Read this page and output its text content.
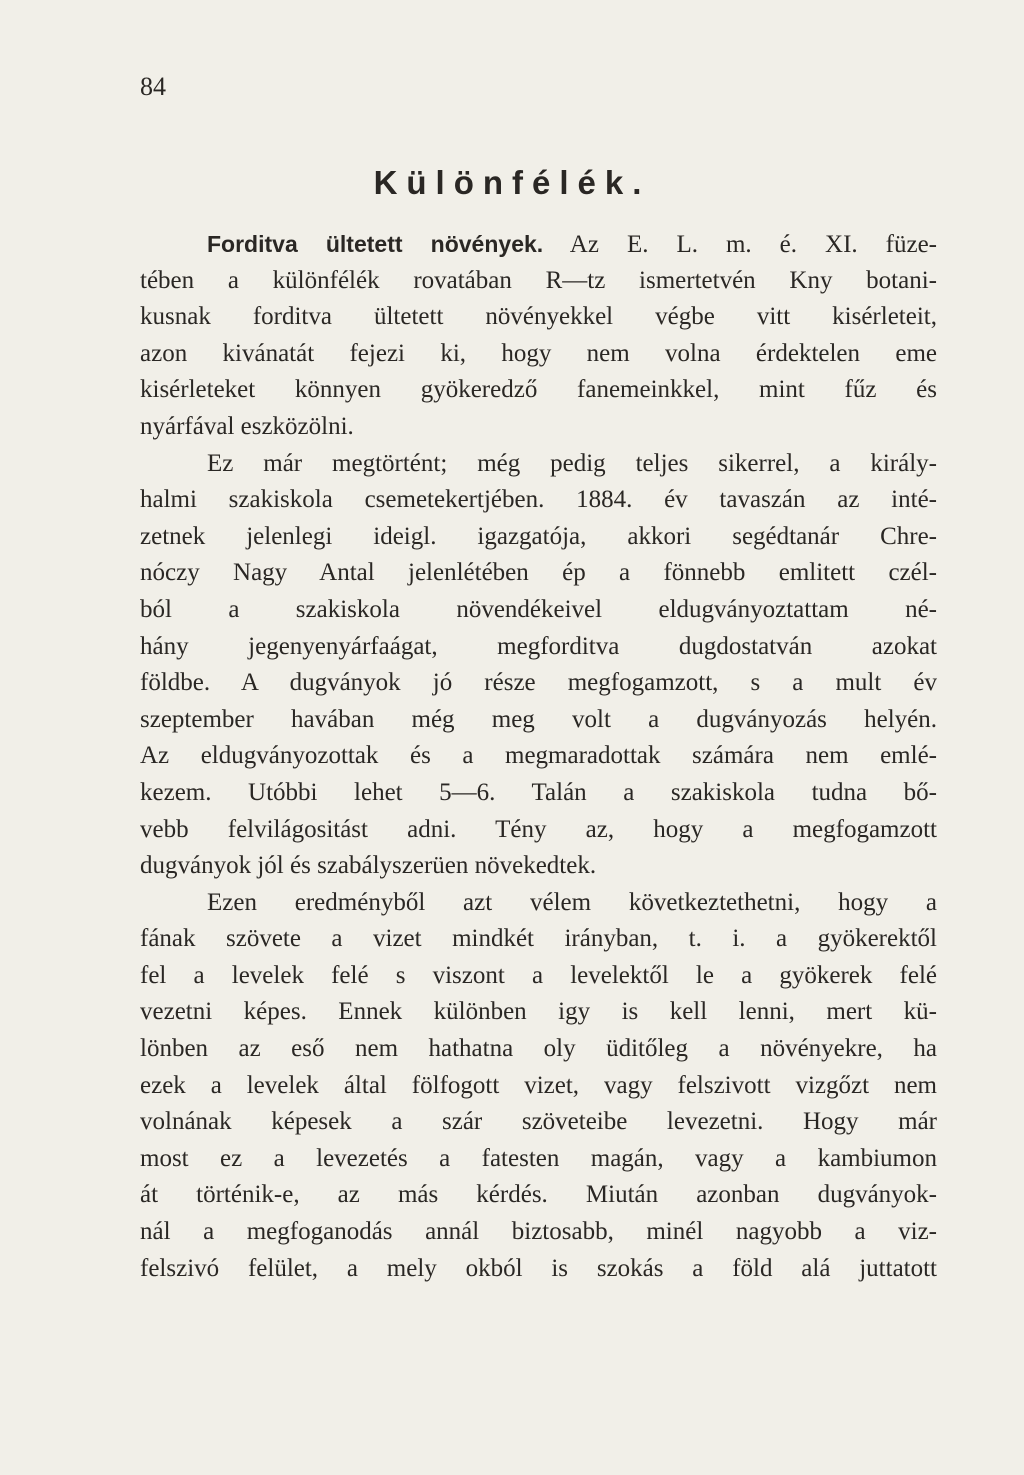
84
Különfélék.

Forditva ültetett növények. Az E. L. m. é. XI. füze-
tében a különfélék rovatában R—tz ismertetvén Kny botani-
kusnak forditva ültetett növényekkel végbe vitt kisérleteit,
azon kivánatát fejezi ki, hogy nem volna érdektelen eme
kisérleteket könnyen gyökeredző fanemeinkkel, mint fűz és
nyárfával eszközölni.

Ez már megtörtént; még pedig teljes sikerrel, a király-
halmi szakiskola csemetekertjében. 1884. év tavaszán az inté-
zetnek jelenlegi ideigl. igazgatója, akkori segédtanár Chre-
nóczy Nagy Antal jelenlétében ép a fönnebb emlitett czél-
ból a szakiskola növendékeivel eldugványoztattam né-
hány jegenyenyárfaágat, megforditva dugdostatván azokat
földbe. A dugványok jó része megfogamzott, s a mult év
szeptember havában még meg volt a dugványozás helyén.
Az eldugványozottak és a megmaradottak számára nem emlé-
kezem. Utóbbi lehet 5—6. Talán a szakiskola tudna bő-
vebb felvilágositást adni. Tény az, hogy a megfogamzott
dugványok jól és szabályszerüen növekedtek.

Ezen eredményből azt vélem következtethetni, hogy a
fának szövete a vizet mindkét irányban, t. i. a gyökerektől
fel a levelek felé s viszont a levelektől le a gyökerek felé
vezetni képes. Ennek különben igy is kell lenni, mert kü-
lönben az eső nem hathatna oly üditőleg a növényekre, ha
ezek a levelek által fölfogott vizet, vagy felszivott vizgőzt nem
volnának képesek a szár szöveteibe levezetni. Hogy már
most ez a levezetés a fatesten magán, vagy a kambiumon
át történik-e, az más kérdés. Miután azonban dugványok-
nál a megfoganodás annál biztosabb, minél nagyobb a viz-
felszivó felület, a mely okból is szokás a föld alá juttatott
